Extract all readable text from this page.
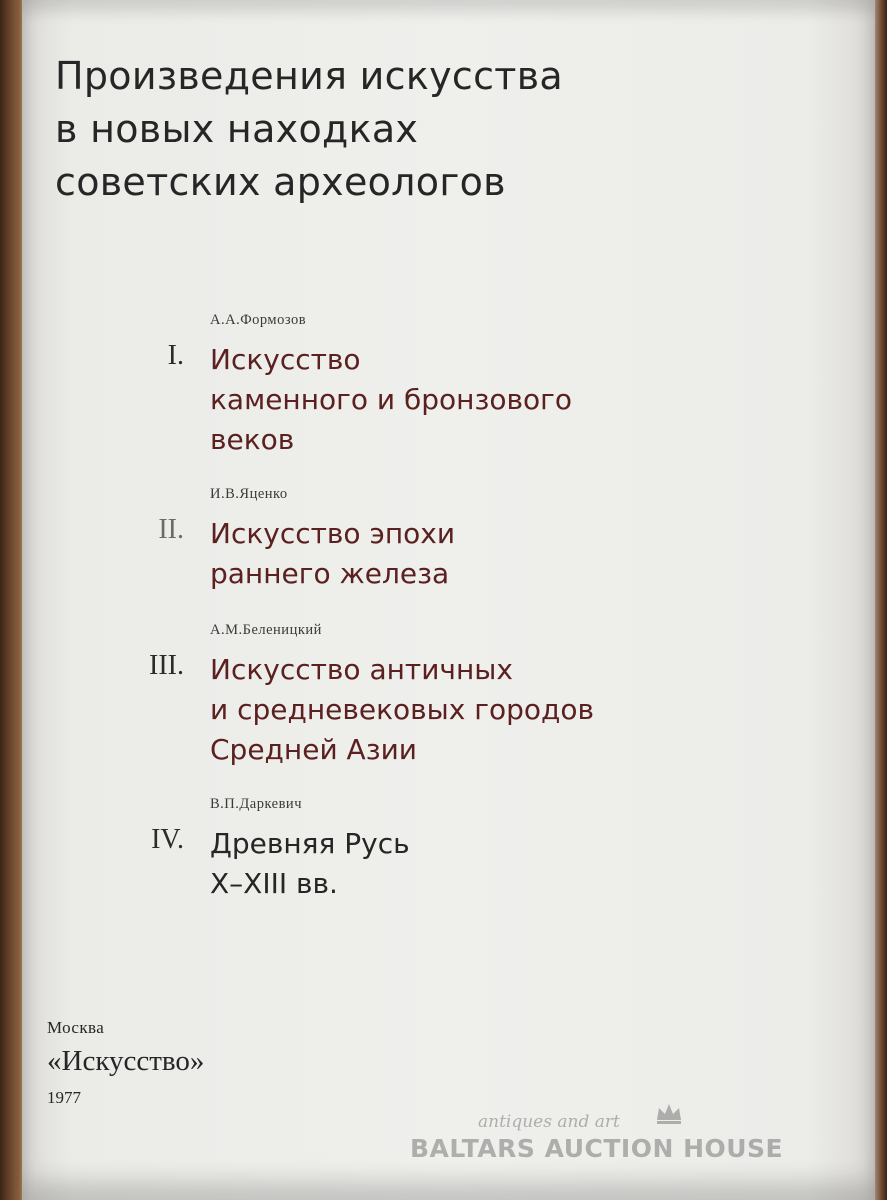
Произведения искусства
в новых находках
советских археологов
А.А.Формозов
I. Искусство
каменного и бронзового
веков
И.В.Яценко
II. Искусство эпохи
раннего железа
А.М.Беленицкий
III. Искусство античных
и средневековых городов
Средней Азии
В.П.Даркевич
IV. Древняя Русь
X–XIII вв.
Москва
«Искусство»
1977
antiques and art
BALTARS AUCTION HOUSE
